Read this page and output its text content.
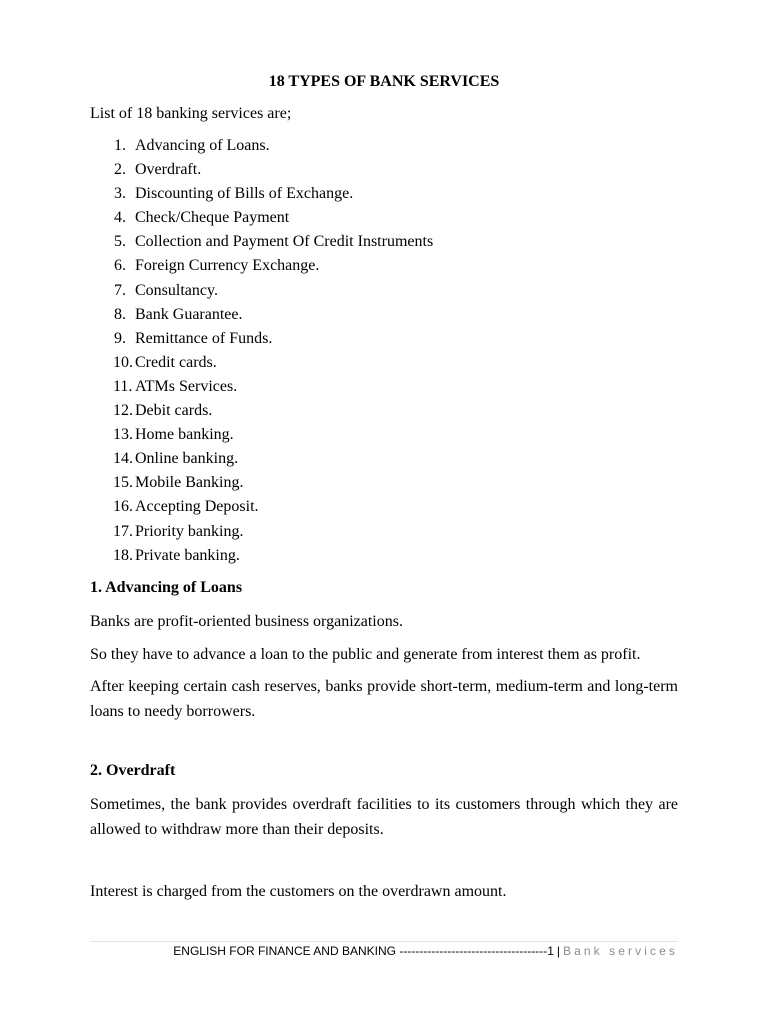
18 TYPES OF BANK SERVICES
List of 18 banking services are;
1. Advancing of Loans.
2. Overdraft.
3. Discounting of Bills of Exchange.
4. Check/Cheque Payment
5. Collection and Payment Of Credit Instruments
6. Foreign Currency Exchange.
7. Consultancy.
8. Bank Guarantee.
9. Remittance of Funds.
10. Credit cards.
11. ATMs Services.
12. Debit cards.
13. Home banking.
14. Online banking.
15. Mobile Banking.
16. Accepting Deposit.
17. Priority banking.
18. Private banking.
1. Advancing of Loans

Banks are profit-oriented business organizations.

So they have to advance a loan to the public and generate from interest them as profit.

After keeping certain cash reserves, banks provide short-term, medium-term and long-term loans to needy borrowers.

2. Overdraft

Sometimes, the bank provides overdraft facilities to its customers through which they are allowed to withdraw more than their deposits.

Interest is charged from the customers on the overdrawn amount.

ENGLISH FOR FINANCE AND BANKING -------------------------------------1 | Bank services
